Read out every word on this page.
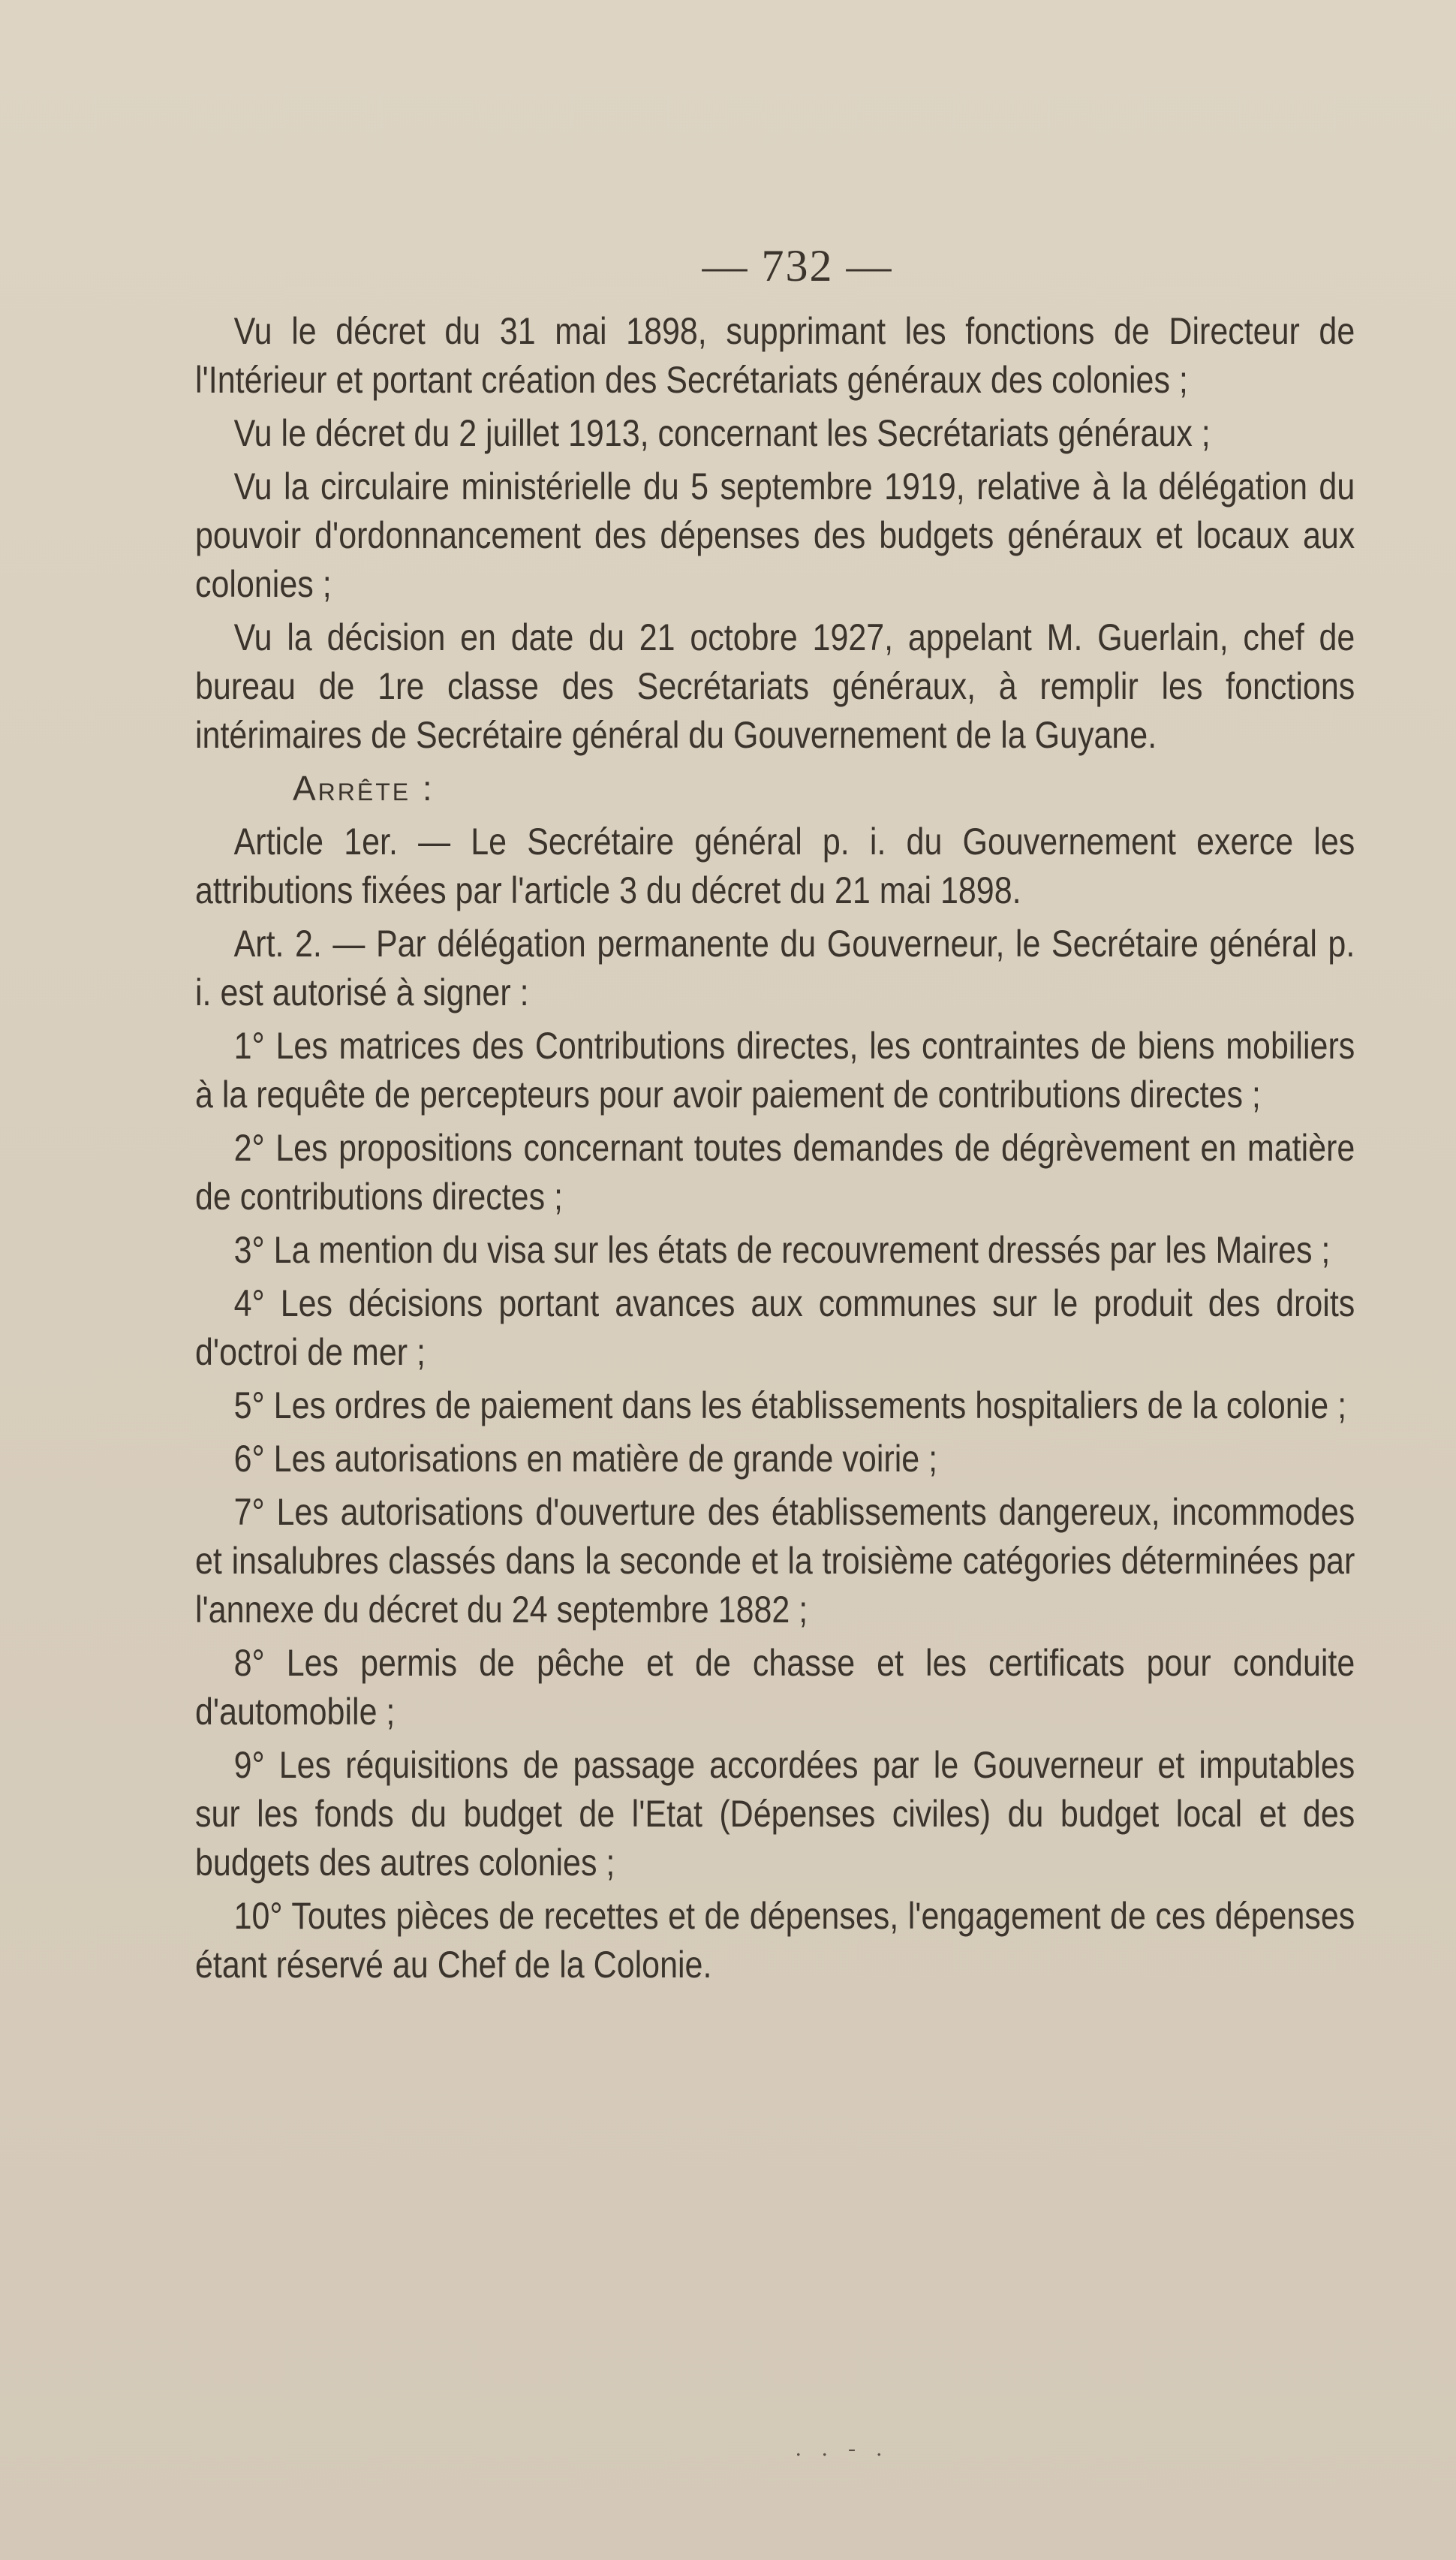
— 732 —

Vu le décret du 31 mai 1898, supprimant les fonctions de Directeur de l'Intérieur et portant création des Secrétariats généraux des colonies ;

Vu le décret du 2 juillet 1913, concernant les Secrétariats généraux ;

Vu la circulaire ministérielle du 5 septembre 1919, relative à la délégation du pouvoir d'ordonnancement des dépenses des budgets généraux et locaux aux colonies ;

Vu la décision en date du 21 octobre 1927, appelant M. Guerlain, chef de bureau de 1re classe des Secrétariats généraux, à remplir les fonctions intérimaires de Secrétaire général du Gouvernement de la Guyane.

Arrête :

Article 1er. — Le Secrétaire général p. i. du Gouvernement exerce les attributions fixées par l'article 3 du décret du 21 mai 1898.

Art. 2. — Par délégation permanente du Gouverneur, le Secrétaire général p. i. est autorisé à signer :

1° Les matrices des Contributions directes, les contraintes de biens mobiliers à la requête de percepteurs pour avoir paiement de contributions directes ;

2° Les propositions concernant toutes demandes de dégrèvement en matière de contributions directes ;

3° La mention du visa sur les états de recouvrement dressés par les Maires ;

4° Les décisions portant avances aux communes sur le produit des droits d'octroi de mer ;

5° Les ordres de paiement dans les établissements hospitaliers de la colonie ;

6° Les autorisations en matière de grande voirie ;

7° Les autorisations d'ouverture des établissements dangereux, incommodes et insalubres classés dans la seconde et la troisième catégories déterminées par l'annexe du décret du 24 septembre 1882 ;

8° Les permis de pêche et de chasse et les certificats pour conduite d'automobile ;

9° Les réquisitions de passage accordées par le Gouverneur et imputables sur les fonds du budget de l'Etat (Dépenses civiles) du budget local et des budgets des autres colonies ;

10° Toutes pièces de recettes et de dépenses, l'engagement de ces dépenses étant réservé au Chef de la Colonie.

. . - .
